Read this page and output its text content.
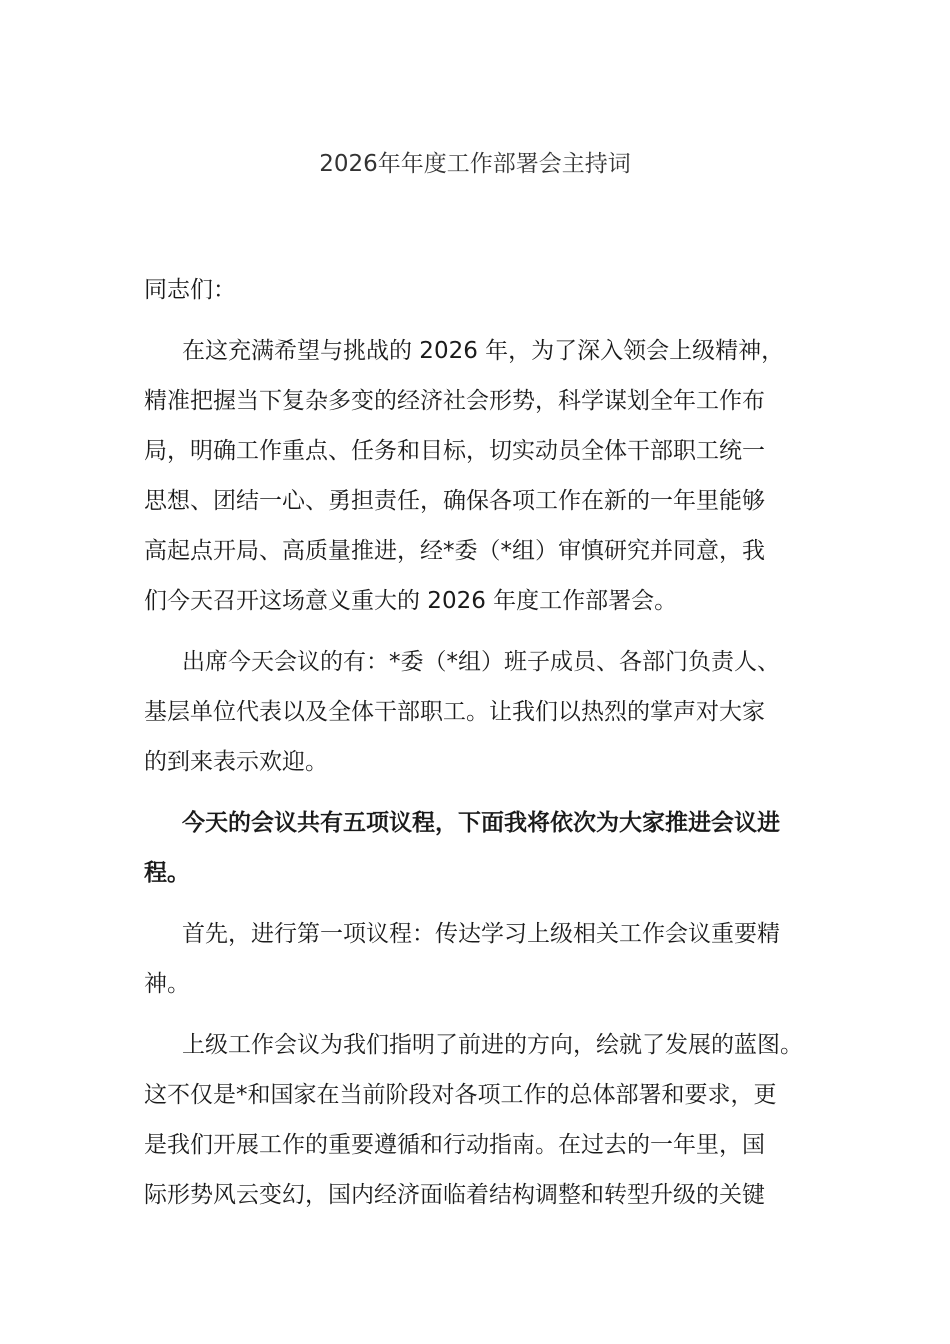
2026年年度工作部署会主持词

同志们：

在这充满希望与挑战的 2026 年，为了深入领会上级精神，
精准把握当下复杂多变的经济社会形势，科学谋划全年工作布
局，明确工作重点、任务和目标，切实动员全体干部职工统一
思想、团结一心、勇担责任，确保各项工作在新的一年里能够
高起点开局、高质量推进，经*委（*组）审慎研究并同意，我
们今天召开这场意义重大的 2026 年度工作部署会。
出席今天会议的有：*委（*组）班子成员、各部门负责人、
基层单位代表以及全体干部职工。让我们以热烈的掌声对大家
的到来表示欢迎。
今天的会议共有五项议程，下面我将依次为大家推进会议进
程。
首先，进行第一项议程：传达学习上级相关工作会议重要精
神。
上级工作会议为我们指明了前进的方向，绘就了发展的蓝图。
这不仅是*和国家在当前阶段对各项工作的总体部署和要求，更
是我们开展工作的重要遵循和行动指南。在过去的一年里，国
际形势风云变幻，国内经济面临着结构调整和转型升级的关键
